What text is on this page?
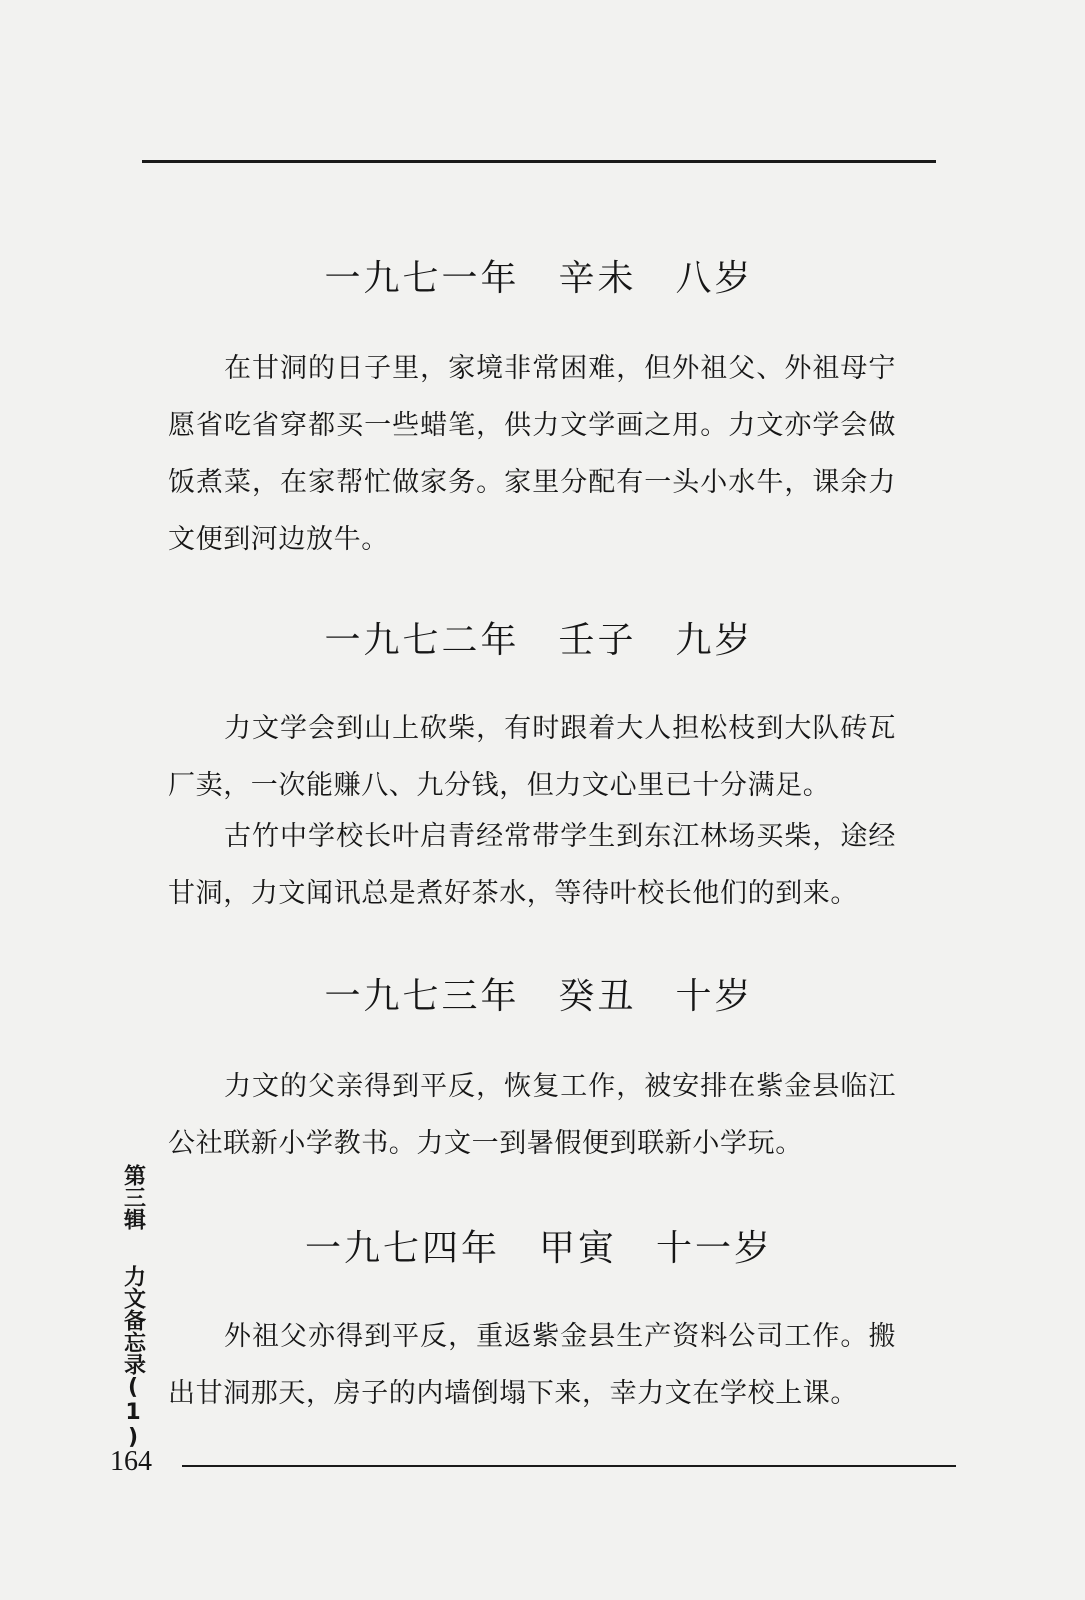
一九七一年　辛未　八岁

在甘洞的日子里，家境非常困难，但外祖父、外祖母宁愿省吃省穿都买一些蜡笔，供力文学画之用。力文亦学会做饭煮菜，在家帮忙做家务。家里分配有一头小水牛，课余力文便到河边放牛。

一九七二年　壬子　九岁

力文学会到山上砍柴，有时跟着大人担松枝到大队砖瓦厂卖，一次能赚八、九分钱，但力文心里已十分满足。

古竹中学校长叶启青经常带学生到东江林场买柴，途经甘洞，力文闻讯总是煮好茶水，等待叶校长他们的到来。

一九七三年　癸丑　十岁

力文的父亲得到平反，恢复工作，被安排在紫金县临江公社联新小学教书。力文一到暑假便到联新小学玩。

一九七四年　甲寅　十一岁

外祖父亦得到平反，重返紫金县生产资料公司工作。搬出甘洞那天，房子的内墙倒塌下来，幸力文在学校上课。

第三辑
力文备忘录(1)
164
